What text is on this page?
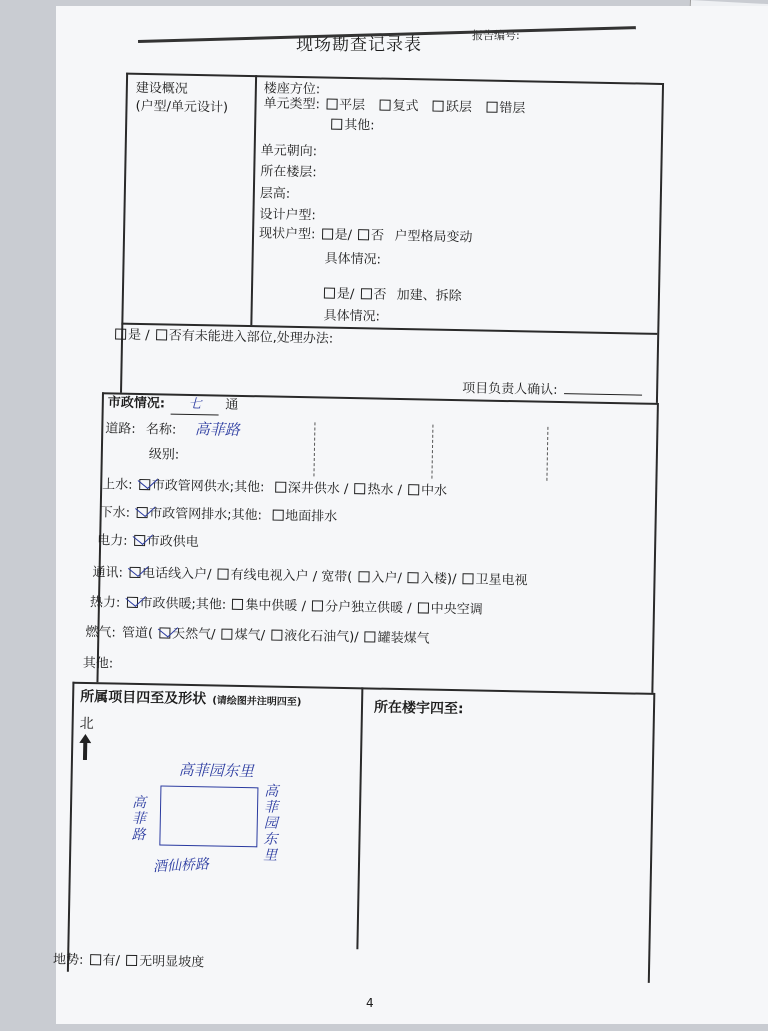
现场勘查记录表	报告编号:
建设概况
(户型/单元设计)
楼座方位:
单元类型: 平层 复式 跃层 错层
其他:
单元朝向:
所在楼层:
层高:
设计户型:
现状户型: 是/ 否 户型格局变动
具体情况:
是/ 否 加建、拆除
具体情况:
是 / 否有未能进入部位,处理办法:
项目负责人确认:
市政情况: 七 通
道路: 名称: 高菲路
级别:
上水: 市政管网供水;其他: 深井供水 / 热水 / 中水
下水: 市政管网排水;其他: 地面排水
电力: 市政供电
通讯: 电话线入户/ 有线电视入户 / 宽带( 入户/ 入楼)/ 卫星电视
热力: 市政供暖;其他: 集中供暖 / 分户独立供暖 / 中央空调
燃气: 管道( 天然气/ 煤气/ 液化石油气)/ 罐装煤气
其他:
所属项目四至及形状 (请绘图并注明四至)	所在楼宇四至:
北
高菲园东里
酒仙桥路
高菲路
高菲园东里
地势: 有/ 无明显坡度
4
